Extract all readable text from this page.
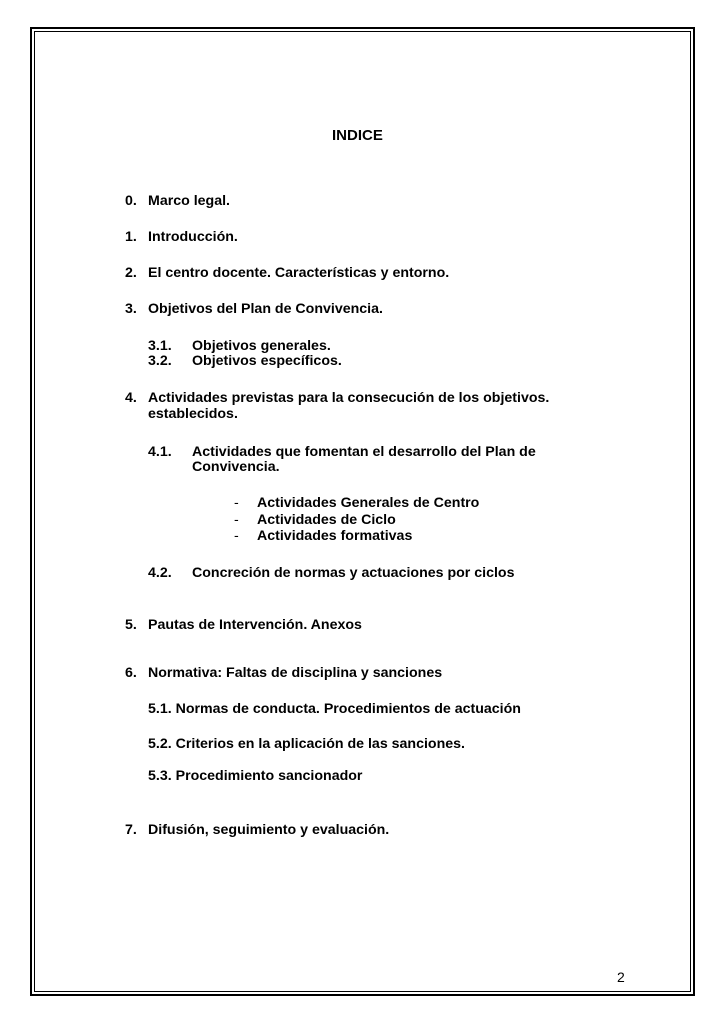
INDICE
0. Marco legal.
1. Introducción.
2. El centro docente. Características y entorno.
3. Objetivos del Plan de Convivencia.
3.1. Objetivos generales.
3.2. Objetivos específicos.
4. Actividades previstas para la consecución de los objetivos.
establecidos.
4.1. Actividades que fomentan el desarrollo del Plan de
Convivencia.
- Actividades Generales de Centro
- Actividades de Ciclo
- Actividades formativas
4.2. Concreción de normas y actuaciones por ciclos
5. Pautas de Intervención. Anexos
6. Normativa: Faltas de disciplina y sanciones
5.1. Normas de conducta. Procedimientos de actuación
5.2. Criterios en la aplicación de las sanciones.
5.3. Procedimiento sancionador
7. Difusión, seguimiento y evaluación.
2
